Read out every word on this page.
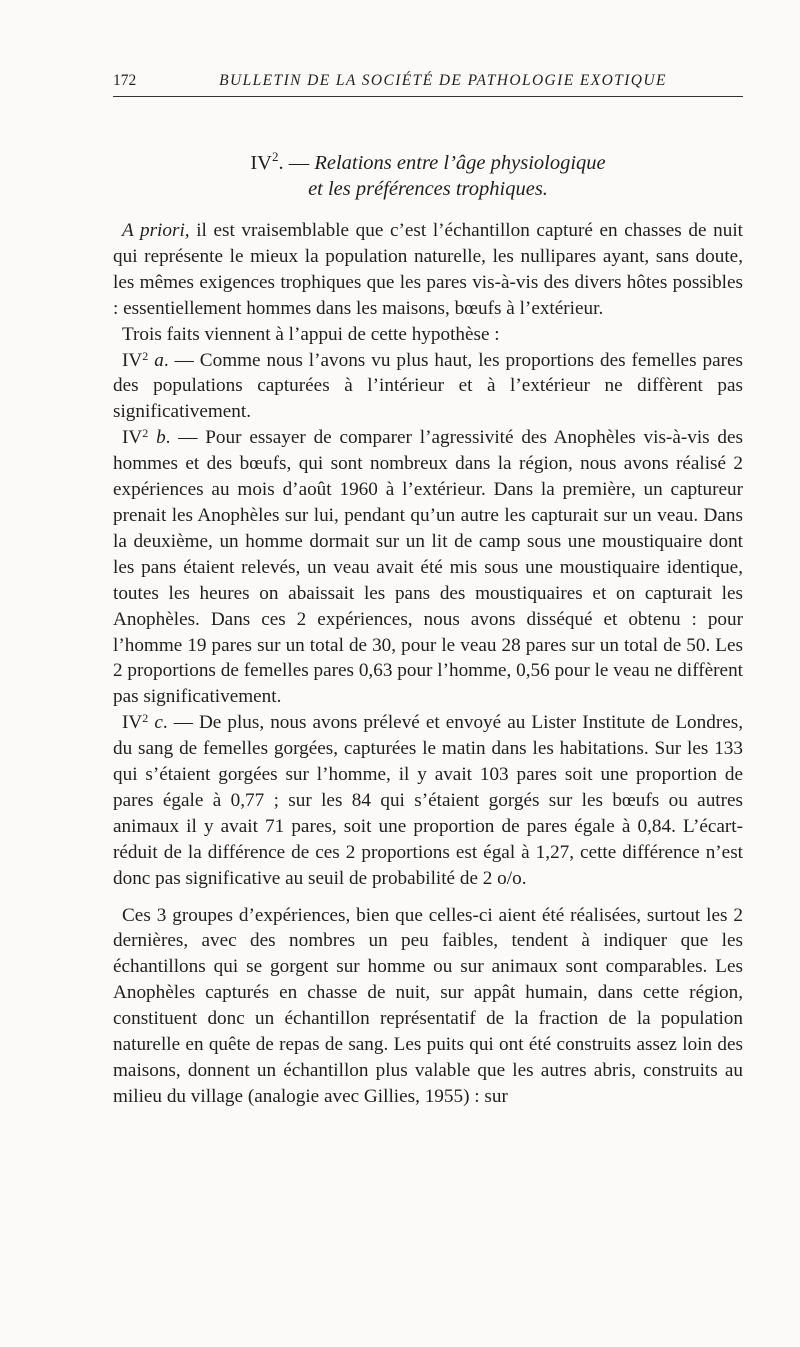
172	BULLETIN DE LA SOCIÉTÉ DE PATHOLOGIE EXOTIQUE
$IV^2$. — Relations entre l’âge physiologique
et les préférences trophiques.

A priori, il est vraisemblable que c’est l’échantillon capturé en chasses de nuit qui représente le mieux la population naturelle, les nullipares ayant, sans doute, les mêmes exigences trophiques que les pares vis-à-vis des divers hôtes possibles : essentiellement hommes dans les maisons, bœufs à l’extérieur.

Trois faits viennent à l’appui de cette hypothèse :

$IV^2$ a. — Comme nous l’avons vu plus haut, les proportions des femelles pares des populations capturées à l’intérieur et à l’extérieur ne diffèrent pas significativement.

$IV^2$ b. — Pour essayer de comparer l’agressivité des Anophèles vis-à-vis des hommes et des bœufs, qui sont nombreux dans la région, nous avons réalisé 2 expériences au mois d’août 1960 à l’extérieur. Dans la première, un captureur prenait les Anophèles sur lui, pendant qu’un autre les capturait sur un veau. Dans la deuxième, un homme dormait sur un lit de camp sous une moustiquaire dont les pans étaient relevés, un veau avait été mis sous une moustiquaire identique, toutes les heures on abaissait les pans des moustiquaires et on capturait les Anophèles. Dans ces 2 expériences, nous avons disséqué et obtenu : pour l’homme 19 pares sur un total de 30, pour le veau 28 pares sur un total de 50. Les 2 proportions de femelles pares 0,63 pour l’homme, 0,56 pour le veau ne diffèrent pas significativement.

$IV^2$ c. — De plus, nous avons prélevé et envoyé au Lister Institute de Londres, du sang de femelles gorgées, capturées le matin dans les habitations. Sur les 133 qui s’étaient gorgées sur l’homme, il y avait 103 pares soit une proportion de pares égale à 0,77 ; sur les 84 qui s’étaient gorgés sur les bœufs ou autres animaux il y avait 71 pares, soit une proportion de pares égale à 0,84. L’écart-réduit de la différence de ces 2 proportions est égal à 1,27, cette différence n’est donc pas significative au seuil de probabilité de 2 o/o.

Ces 3 groupes d’expériences, bien que celles-ci aient été réalisées, surtout les 2 dernières, avec des nombres un peu faibles, tendent à indiquer que les échantillons qui se gorgent sur homme ou sur animaux sont comparables. Les Anophèles capturés en chasse de nuit, sur appât humain, dans cette région, constituent donc un échantillon représentatif de la fraction de la population naturelle en quête de repas de sang. Les puits qui ont été construits assez loin des maisons, donnent un échantillon plus valable que les autres abris, construits au milieu du village (analogie avec Gillies, 1955) : sur
